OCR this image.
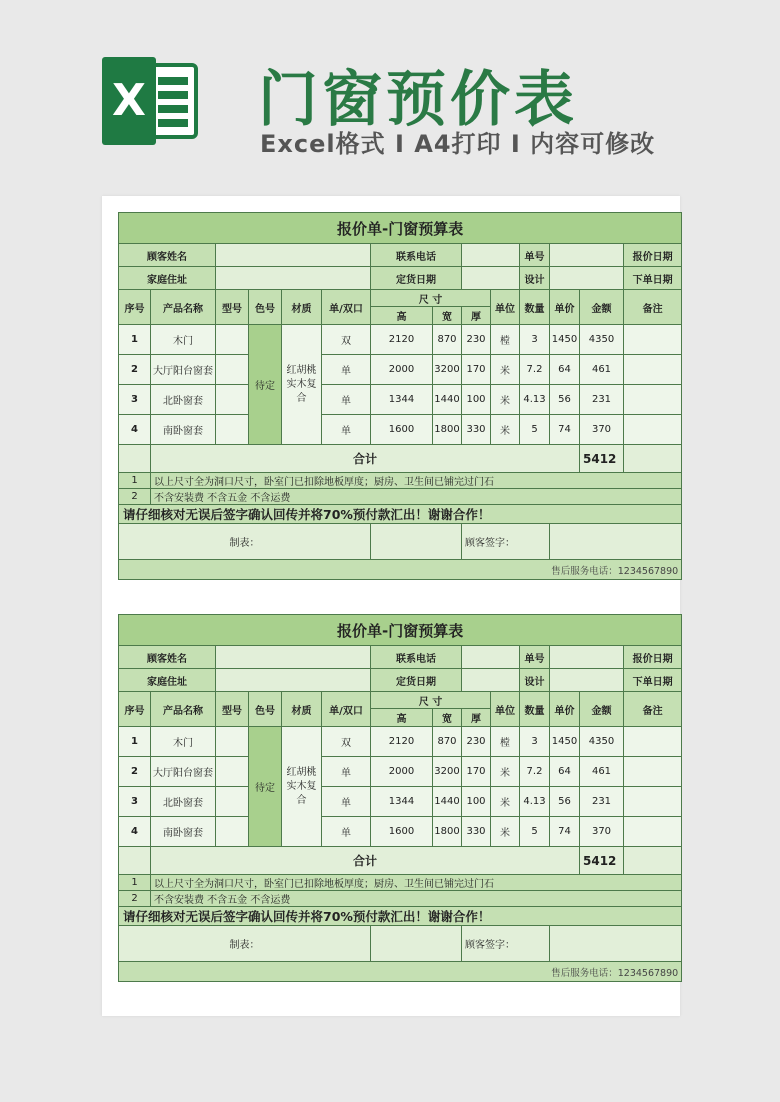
X 门窗预价表
Excel格式 I A4打印 I 内容可修改
报价单-门窗预算表														
顾客姓名						联系电话				单号			报价日期	
家庭住址						定货日期				设计			下单日期	
序号	产品名称	型号	色号	材质	单/双口	尺 寸			单位	数量	单价	金额	备注	
						高	宽	厚						
1	木门		待定	红胡桃实木复合	双	2120	870	230	樘	3	1450	4350		
2	大厅阳台窗套				单	2000	3200	170	米	7.2	64	461		
3	北卧窗套				单	1344	1440	100	米	4.13	56	231		
4	南卧窗套				单	1600	1800	330	米	5	74	370		
	合计											5412		
1	以上尺寸全为洞口尺寸，卧室门已扣除地板厚度；厨房、卫生间已铺完过门石													
2	不含安装费 不含五金 不含运费													
请仔细核对无误后签字确认回传并将70%预付款汇出！谢谢合作！														
制表：								顾客签字：						
售后服务电话：1234567890														
报价单-门窗预算表														
顾客姓名						联系电话				单号			报价日期	
家庭住址						定货日期				设计			下单日期	
序号	产品名称	型号	色号	材质	单/双口	尺 寸			单位	数量	单价	金额	备注	
						高	宽	厚						
1	木门		待定	红胡桃实木复合	双	2120	870	230	樘	3	1450	4350		
2	大厅阳台窗套				单	2000	3200	170	米	7.2	64	461		
3	北卧窗套				单	1344	1440	100	米	4.13	56	231		
4	南卧窗套				单	1600	1800	330	米	5	74	370		
	合计											5412		
1	以上尺寸全为洞口尺寸，卧室门已扣除地板厚度；厨房、卫生间已铺完过门石													
2	不含安装费 不含五金 不含运费													
请仔细核对无误后签字确认回传并将70%预付款汇出！谢谢合作！														
制表：								顾客签字：						
售后服务电话：1234567890														
